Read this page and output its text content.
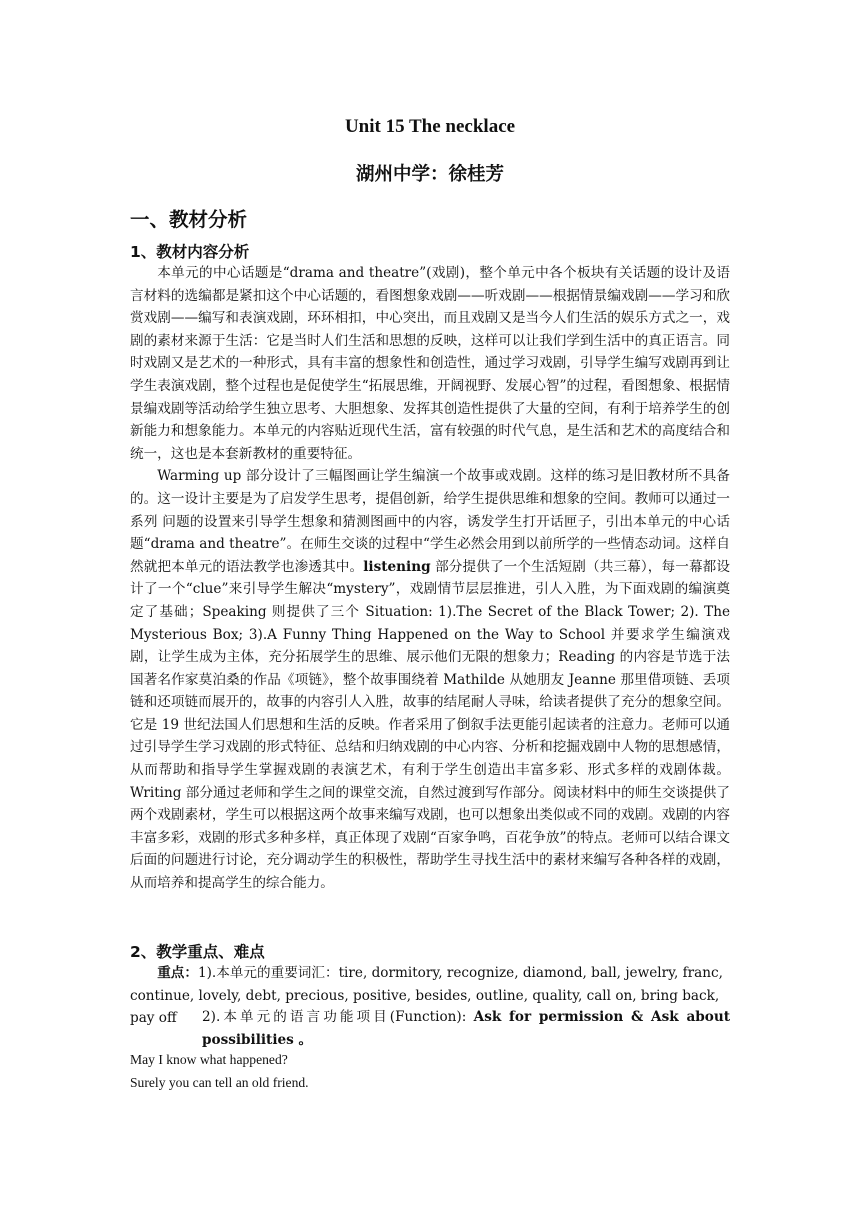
Unit 15 The necklace
湖州中学：徐桂芳
一、教材分析
1、教材内容分析

本单元的中心话题是“drama and theatre”(戏剧)，整个单元中各个板块有关话题的设计及语言材料的选编都是紧扣这个中心话题的，看图想象戏剧——听戏剧——根据情景编戏剧——学习和欣赏戏剧——编写和表演戏剧，环环相扣，中心突出，而且戏剧又是当今人们生活的娱乐方式之一，戏剧的素材来源于生活：它是当时人们生活和思想的反映，这样可以让我们学到生活中的真正语言。同时戏剧又是艺术的一种形式，具有丰富的想象性和创造性，通过学习戏剧，引导学生编写戏剧再到让学生表演戏剧，整个过程也是促使学生“拓展思维，开阔视野、发展心智”的过程，看图想象、根据情景编戏剧等活动给学生独立思考、大胆想象、发挥其创造性提供了大量的空间，有利于培养学生的创新能力和想象能力。本单元的内容贴近现代生活，富有较强的时代气息，是生活和艺术的高度结合和统一，这也是本套新教材的重要特征。

Warming up 部分设计了三幅图画让学生编演一个故事或戏剧。这样的练习是旧教材所不具备的。这一设计主要是为了启发学生思考，提倡创新，给学生提供思维和想象的空间。教师可以通过一系列 问题的设置来引导学生想象和猜测图画中的内容，诱发学生打开话匣子，引出本单元的中心话题“drama and theatre”。在师生交谈的过程中“学生必然会用到以前所学的一些情态动词。这样自然就把本单元的语法教学也渗透其中。listening 部分提供了一个生活短剧（共三幕），每一幕都设计了一个“clue”来引导学生解决“mystery”，戏剧情节层层推进，引人入胜，为下面戏剧的编演奠定了基础；Speaking 则提供了三个 Situation: 1).The Secret of the Black Tower; 2). The Mysterious Box; 3).A Funny Thing Happened on the Way to School 并要求学生编演戏剧，让学生成为主体，充分拓展学生的思维、展示他们无限的想象力；Reading 的内容是节选于法国著名作家莫泊桑的作品《项链》，整个故事围绕着 Mathilde 从她朋友 Jeanne 那里借项链、丢项链和还项链而展开的，故事的内容引人入胜，故事的结尾耐人寻味，给读者提供了充分的想象空间。它是 19 世纪法国人们思想和生活的反映。作者采用了倒叙手法更能引起读者的注意力。老师可以通过引导学生学习戏剧的形式特征、总结和归纳戏剧的中心内容、分析和挖掘戏剧中人物的思想感情，从而帮助和指导学生掌握戏剧的表演艺术，有利于学生创造出丰富多彩、形式多样的戏剧体裁。Writing 部分通过老师和学生之间的课堂交流，自然过渡到写作部分。阅读材料中的师生交谈提供了两个戏剧素材，学生可以根据这两个故事来编写戏剧，也可以想象出类似或不同的戏剧。戏剧的内容丰富多彩，戏剧的形式多种多样，真正体现了戏剧“百家争鸣，百花争放”的特点。老师可以结合课文后面的问题进行讨论，充分调动学生的积极性，帮助学生寻找生活中的素材来编写各种各样的戏剧，从而培养和提高学生的综合能力。

2、教学重点、难点
重点：1).本单元的重要词汇：tire, dormitory, recognize, diamond, ball, jewelry, franc, continue, lovely, debt, precious, positive, besides, outline, quality, call on, bring back, pay off	2).本单元的语言功能项目(Function): Ask for permission & Ask about possibilities 。
May I know what happened?
Surely you can tell an old friend.
